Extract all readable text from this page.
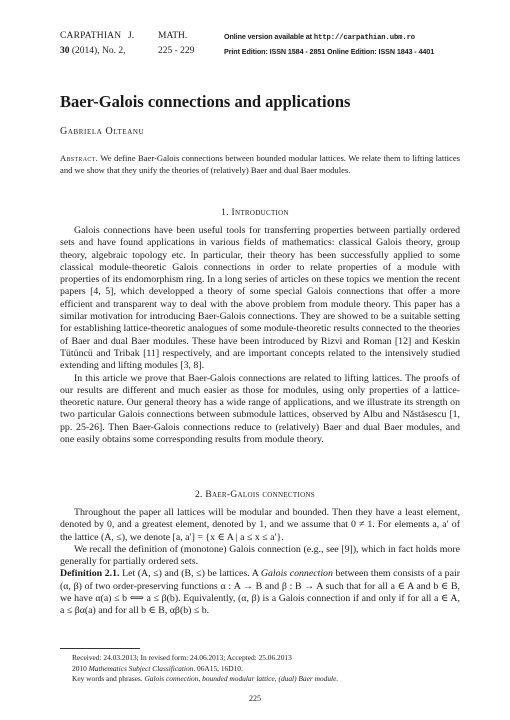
CARPATHIAN J.	MATH.	Online version available at http://carpathian.ubm.ro
30 (2014), No. 2,	225 - 229	Print Edition: ISSN 1584 - 2851 Online Edition: ISSN 1843 - 4401
Baer-Galois connections and applications
Gabriela Olteanu
Abstract. We define Baer-Galois connections between bounded modular lattices. We relate them to lifting lattices and we show that they unify the theories of (relatively) Baer and dual Baer modules.
1. Introduction

Galois connections have been useful tools for transferring properties between partially ordered sets and have found applications in various fields of mathematics: classical Galois theory, group theory, algebraic topology etc. In particular, their theory has been successfully applied to some classical module-theoretic Galois connections in order to relate properties of a module with properties of its endomorphism ring. In a long series of articles on these topics we mention the recent papers [4, 5], which developped a theory of some special Galois connections that offer a more efficient and transparent way to deal with the above problem from module theory. This paper has a similar motivation for introducing Baer-Galois connections. They are showed to be a suitable setting for establishing lattice-theoretic analogues of some module-theoretic results connected to the theories of Baer and dual Baer modules. These have been introduced by Rizvi and Roman [12] and Keskin Tütüncü and Tribak [11] respectively, and are important concepts related to the intensively studied extending and lifting modules [3, 8].

In this article we prove that Baer-Galois connections are related to lifting lattices. The proofs of our results are different and much easier as those for modules, using only properties of a lattice-theoretic nature. Our general theory has a wide range of applications, and we illustrate its strength on two particular Galois connections between submodule lattices, observed by Albu and Năstăsescu [1, pp. 25-26]. Then Baer-Galois connections reduce to (relatively) Baer and dual Baer modules, and one easily obtains some corresponding results from module theory.

2. Baer-Galois connections

Throughout the paper all lattices will be modular and bounded. Then they have a least element, denoted by 0, and a greatest element, denoted by 1, and we assume that 0 ≠ 1. For elements a, a′ of the lattice (A, ≤), we denote [a, a′] = {x ∈ A | a ≤ x ≤ a′}.

We recall the definition of (monotone) Galois connection (e.g., see [9]), which in fact holds more generally for partially ordered sets.

Definition 2.1. Let (A, ≤) and (B, ≤) be lattices. A Galois connection between them consists of a pair (α, β) of two order-preserving functions α : A → B and β : B → A such that for all a ∈ A and b ∈ B, we have α(a) ≤ b ⟺ a ≤ β(b). Equivalently, (α, β) is a Galois connection if and only if for all a ∈ A, a ≤ βα(a) and for all b ∈ B, αβ(b) ≤ b.

Received: 24.03.2013; In revised form: 24.06.2013; Accepted: 25.06.2013
2010 Mathematics Subject Classification. 06A15, 16D10.
Key words and phrases. Galois connection, bounded modular lattice, (dual) Baer module.
225
